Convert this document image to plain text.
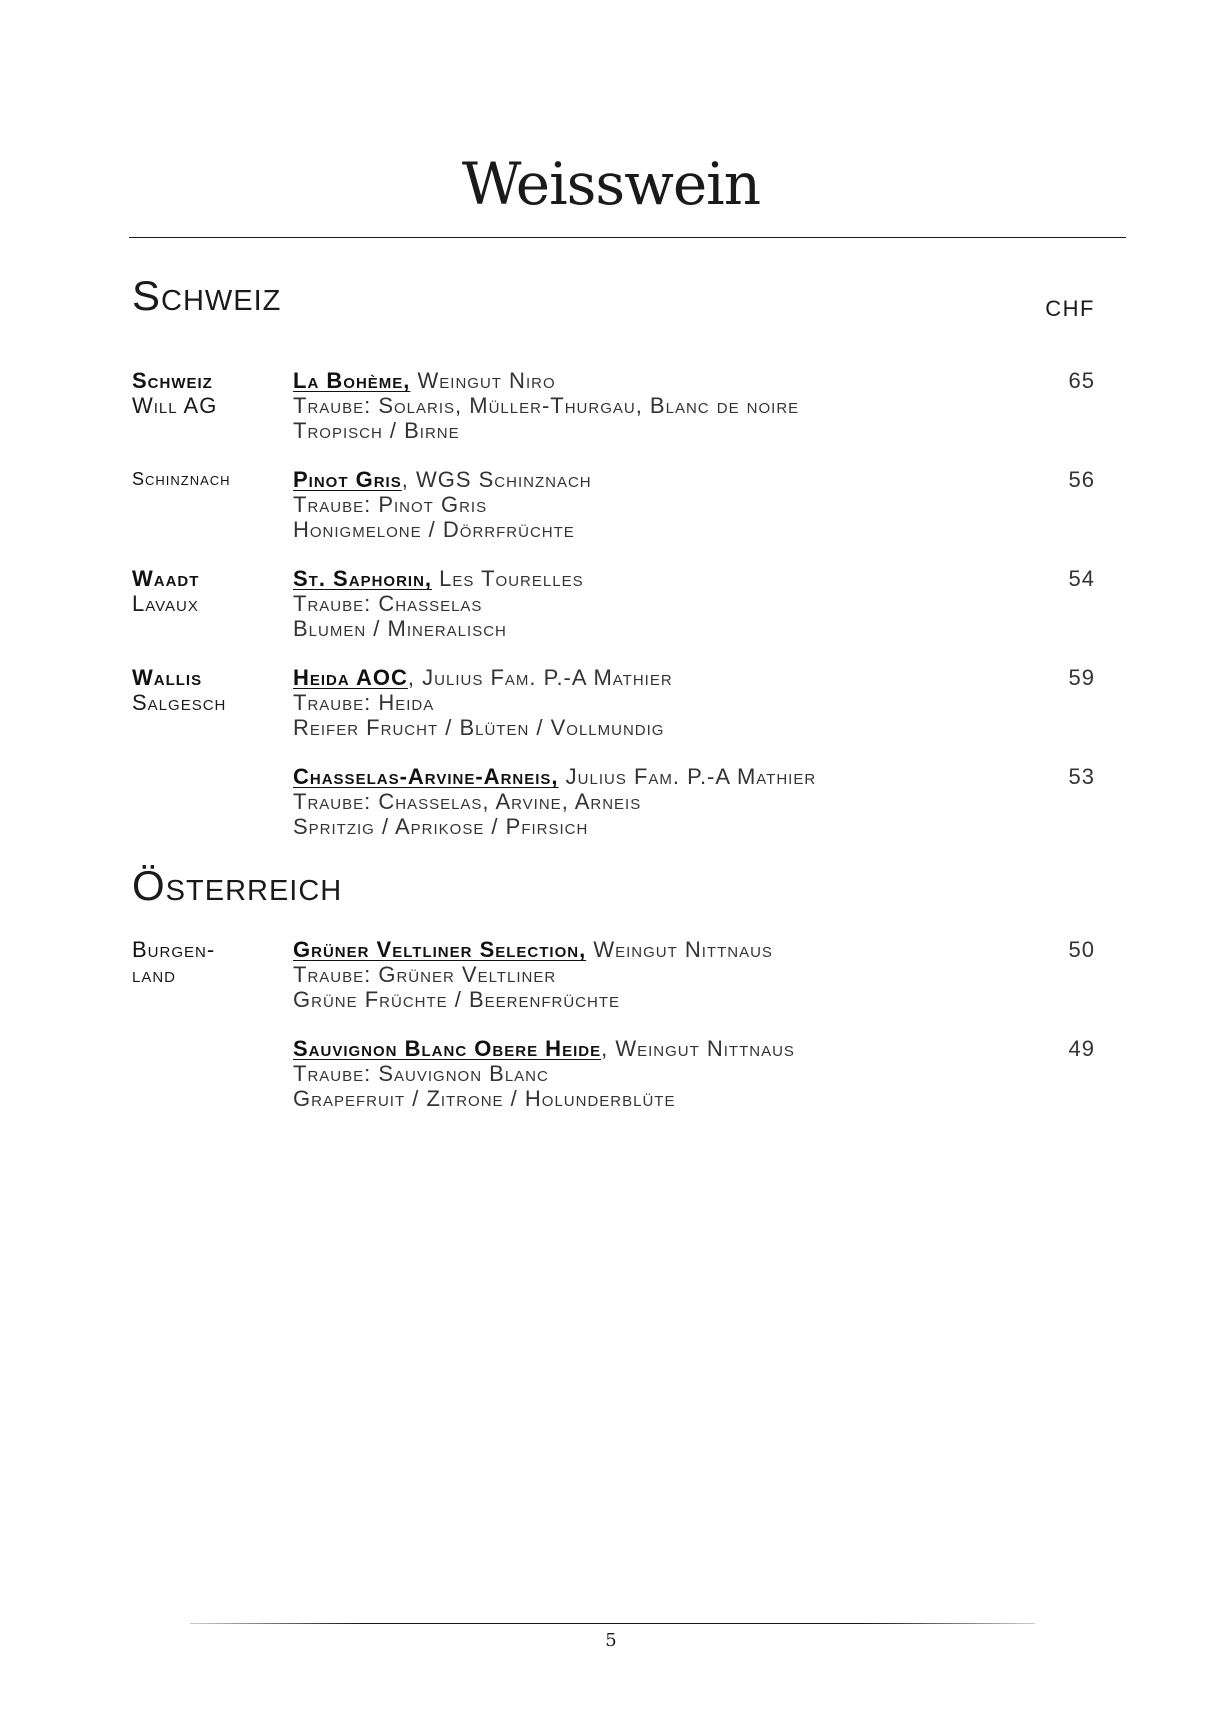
Weisswein
Schweiz	CHF
Schweiz
Will AG
La Bohème, Weingut Niro
Traube: Solaris, Müller-Thurgau, Blanc de noire
Tropisch / Birne
65
Schinznach	Pinot Gris, WGS Schinznach
Traube: Pinot Gris
Honigmelone / Dörrfrüchte
56
Waadt
Lavaux
St. Saphorin, Les Tourelles
Traube: Chasselas
Blumen / Mineralisch
54
Wallis
Salgesch
Heida AOC, Julius Fam. P.-A Mathier
Traube: Heida
Reifer Frucht / Blüten / Vollmundig
59
Chasselas-Arvine-Arneis, Julius Fam. P.-A Mathier
Traube: Chasselas, Arvine, Arneis
Spritzig / Aprikose / Pfirsich
53
Österreich
Burgen-
land
Grüner Veltliner Selection, Weingut Nittnaus
Traube: Grüner Veltliner
Grüne Früchte / Beerenfrüchte
50
Sauvignon Blanc Obere Heide, Weingut Nittnaus
Traube: Sauvignon Blanc
Grapefruit / Zitrone / Holunderblüte
49
5
